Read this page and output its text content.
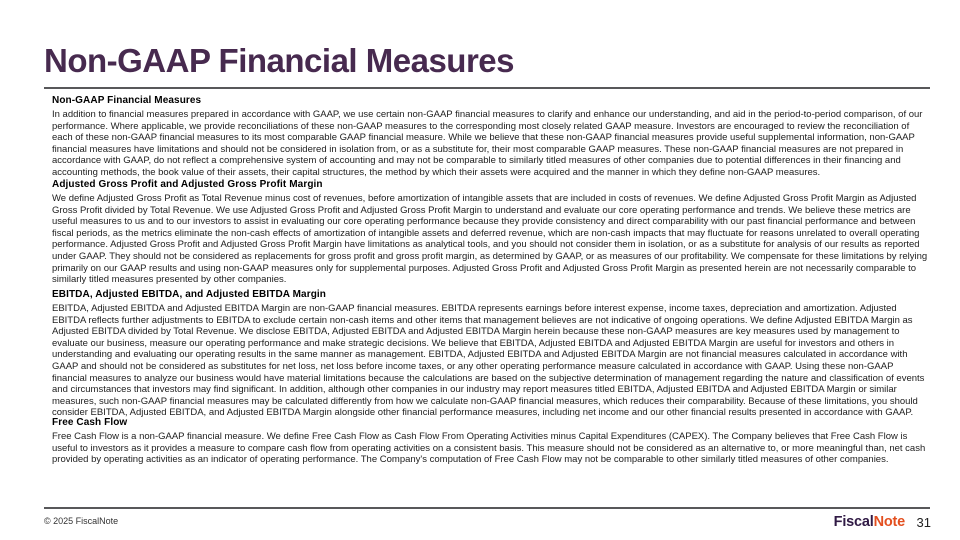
Non-GAAP Financial Measures
Non-GAAP Financial Measures

In addition to financial measures prepared in accordance with GAAP, we use certain non-GAAP financial measures to clarify and enhance our understanding, and aid in the period-to-period comparison, of our performance. Where applicable, we provide reconciliations of these non-GAAP measures to the corresponding most closely related GAAP measure. Investors are encouraged to review the reconciliation of each of these non-GAAP financial measures to its most comparable GAAP financial measure. While we believe that these non-GAAP financial measures provide useful supplemental information, non-GAAP financial measures have limitations and should not be considered in isolation from, or as a substitute for, their most comparable GAAP measures. These non-GAAP financial measures are not prepared in accordance with GAAP, do not reflect a comprehensive system of accounting and may not be comparable to similarly titled measures of other companies due to potential differences in their financing and accounting methods, the book value of their assets, their capital structures, the method by which their assets were acquired and the manner in which they define non-GAAP measures.

Adjusted Gross Profit and Adjusted Gross Profit Margin

We define Adjusted Gross Profit as Total Revenue minus cost of revenues, before amortization of intangible assets that are included in costs of revenues. We define Adjusted Gross Profit Margin as Adjusted Gross Profit divided by Total Revenue. We use Adjusted Gross Profit and Adjusted Gross Profit Margin to understand and evaluate our core operating performance and trends. We believe these metrics are useful measures to us and to our investors to assist in evaluating our core operating performance because they provide consistency and direct comparability with our past financial performance and between fiscal periods, as the metrics eliminate the non-cash effects of amortization of intangible assets and deferred revenue, which are non-cash impacts that may fluctuate for reasons unrelated to overall operating performance. Adjusted Gross Profit and Adjusted Gross Profit Margin have limitations as analytical tools, and you should not consider them in isolation, or as a substitute for analysis of our results as reported under GAAP. They should not be considered as replacements for gross profit and gross profit margin, as determined by GAAP, or as measures of our profitability. We compensate for these limitations by relying primarily on our GAAP results and using non-GAAP measures only for supplemental purposes. Adjusted Gross Profit and Adjusted Gross Profit Margin as presented herein are not necessarily comparable to similarly titled measures presented by other companies.

EBITDA, Adjusted EBITDA, and Adjusted EBITDA Margin

EBITDA, Adjusted EBITDA and Adjusted EBITDA Margin are non-GAAP financial measures. EBITDA represents earnings before interest expense, income taxes, depreciation and amortization. Adjusted EBITDA reflects further adjustments to EBITDA to exclude certain non-cash items and other items that management believes are not indicative of ongoing operations. We define Adjusted EBITDA Margin as Adjusted EBITDA divided by Total Revenue. We disclose EBITDA, Adjusted EBITDA and Adjusted EBITDA Margin herein because these non-GAAP measures are key measures used by management to evaluate our business, measure our operating performance and make strategic decisions. We believe that EBITDA, Adjusted EBITDA and Adjusted EBITDA Margin are useful for investors and others in understanding and evaluating our operating results in the same manner as management. EBITDA, Adjusted EBITDA and Adjusted EBITDA Margin are not financial measures calculated in accordance with GAAP and should not be considered as substitutes for net loss, net loss before income taxes, or any other operating performance measure calculated in accordance with GAAP. Using these non-GAAP financial measures to analyze our business would have material limitations because the calculations are based on the subjective determination of management regarding the nature and classification of events and circumstances that investors may find significant. In addition, although other companies in our industry may report measures titled EBITDA, Adjusted EBITDA and Adjusted EBITDA Margin or similar measures, such non-GAAP financial measures may be calculated differently from how we calculate non-GAAP financial measures, which reduces their comparability. Because of these limitations, you should consider EBITDA, Adjusted EBITDA, and Adjusted EBITDA Margin alongside other financial performance measures, including net income and our other financial results presented in accordance with GAAP.

Free Cash Flow

Free Cash Flow is a non-GAAP financial measure. We define Free Cash Flow as Cash Flow From Operating Activities minus Capital Expenditures (CAPEX). The Company believes that Free Cash Flow is useful to investors as it provides a measure to compare cash flow from operating activities on a consistent basis. This measure should not be considered as an alternative to, or more meaningful than, net cash provided by operating activities as an indicator of operating performance. The Company's computation of Free Cash Flow may not be comparable to other similarly titled measures of other companies.

© 2025 FiscalNote	FiscalNote 31
